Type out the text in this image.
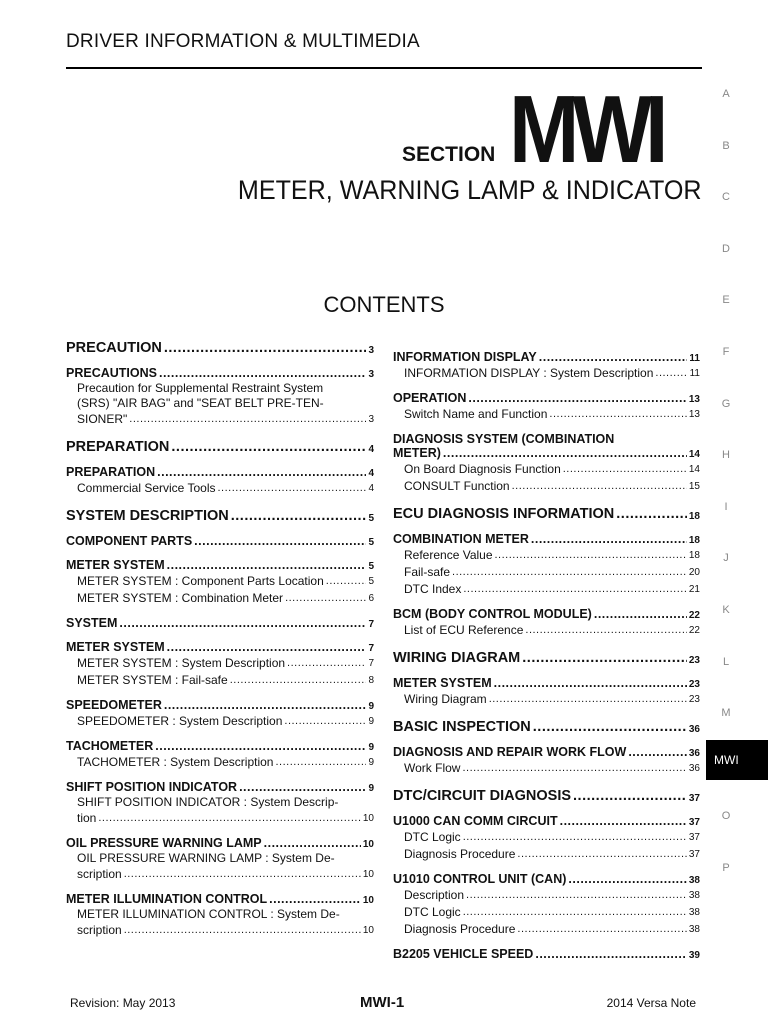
DRIVER INFORMATION & MULTIMEDIA
SECTION MWI
METER, WARNING LAMP & INDICATOR
CONTENTS
PRECAUTION .....	3
PRECAUTIONS .....	3
Precaution for Supplemental Restraint System
(SRS) "AIR BAG" and "SEAT BELT PRE-TEN-
SIONER" .....	3
PREPARATION .....	4
PREPARATION .....	4
Commercial Service Tools .....	4
SYSTEM DESCRIPTION .....	5
COMPONENT PARTS .....	5
METER SYSTEM .....	5
METER SYSTEM : Component Parts Location .....	5
METER SYSTEM : Combination Meter .....	6
SYSTEM .....	7
METER SYSTEM .....	7
METER SYSTEM : System Description .....	7
METER SYSTEM : Fail-safe .....	8
SPEEDOMETER .....	9
SPEEDOMETER : System Description .....	9
TACHOMETER .....	9
TACHOMETER : System Description .....	9
SHIFT POSITION INDICATOR .....	9
SHIFT POSITION INDICATOR : System Descrip-
tion .....	10
OIL PRESSURE WARNING LAMP .....	10
OIL PRESSURE WARNING LAMP : System De-
scription .....	10
METER ILLUMINATION CONTROL .....	10
METER ILLUMINATION CONTROL : System De-
scription .....	10
INFORMATION DISPLAY .....	11
INFORMATION DISPLAY : System Description .....	11
OPERATION .....	13
Switch Name and Function .....	13
DIAGNOSIS SYSTEM (COMBINATION
METER) .....	14
On Board Diagnosis Function .....	14
CONSULT Function .....	15
ECU DIAGNOSIS INFORMATION .....	18
COMBINATION METER .....	18
Reference Value .....	18
Fail-safe .....	20
DTC Index .....	21
BCM (BODY CONTROL MODULE) .....	22
List of ECU Reference .....	22
WIRING DIAGRAM .....	23
METER SYSTEM .....	23
Wiring Diagram .....	23
BASIC INSPECTION .....	36
DIAGNOSIS AND REPAIR WORK FLOW .....	36
Work Flow .....	36
DTC/CIRCUIT DIAGNOSIS .....	37
U1000 CAN COMM CIRCUIT .....	37
DTC Logic .....	37
Diagnosis Procedure .....	37
U1010 CONTROL UNIT (CAN) .....	38
Description .....	38
DTC Logic .....	38
Diagnosis Procedure .....	38
B2205 VEHICLE SPEED .....	39
A
B
C
D
E
F
G
H
I
J
K
L
M
O
P
MWI
Revision: May 2013	MWI-1	2014 Versa Note
